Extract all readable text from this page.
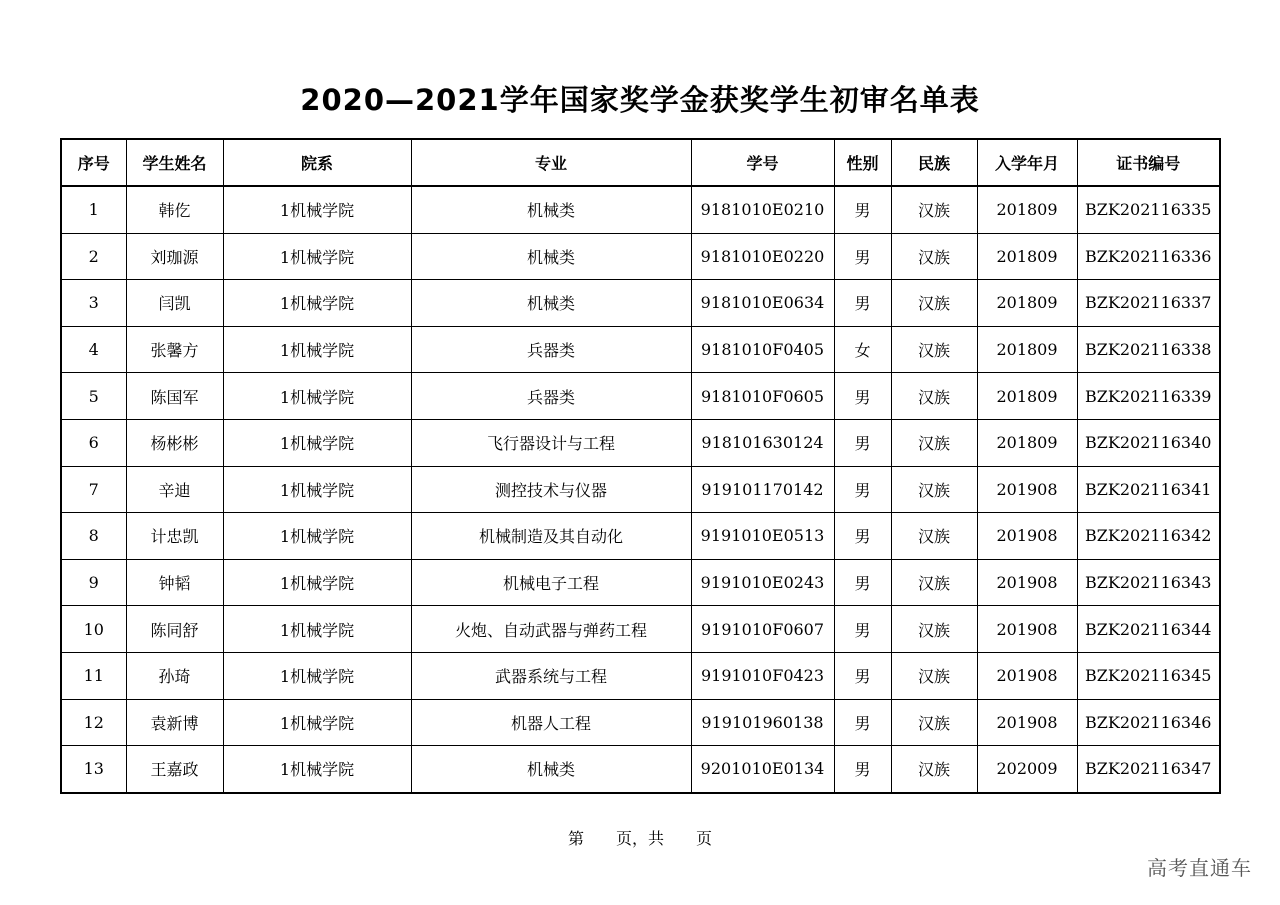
2020—2021学年国家奖学金获奖学生初审名单表
序号	学生姓名	院系	专业	学号	性别	民族	入学年月	证书编号
1	韩仡	1机械学院	机械类	9181010E0210	男	汉族	201809	BZK202116335
2	刘珈源	1机械学院	机械类	9181010E0220	男	汉族	201809	BZK202116336
3	闫凯	1机械学院	机械类	9181010E0634	男	汉族	201809	BZK202116337
4	张馨方	1机械学院	兵器类	9181010F0405	女	汉族	201809	BZK202116338
5	陈国军	1机械学院	兵器类	9181010F0605	男	汉族	201809	BZK202116339
6	杨彬彬	1机械学院	飞行器设计与工程	918101630124	男	汉族	201809	BZK202116340
7	辛迪	1机械学院	测控技术与仪器	919101170142	男	汉族	201908	BZK202116341
8	计忠凯	1机械学院	机械制造及其自动化	9191010E0513	男	汉族	201908	BZK202116342
9	钟韬	1机械学院	机械电子工程	9191010E0243	男	汉族	201908	BZK202116343
10	陈同舒	1机械学院	火炮、自动武器与弹药工程	9191010F0607	男	汉族	201908	BZK202116344
11	孙琦	1机械学院	武器系统与工程	9191010F0423	男	汉族	201908	BZK202116345
12	袁新博	1机械学院	机器人工程	919101960138	男	汉族	201908	BZK202116346
13	王嘉政	1机械学院	机械类	9201010E0134	男	汉族	202009	BZK202116347
第　　页，共　　页
高考直通车
